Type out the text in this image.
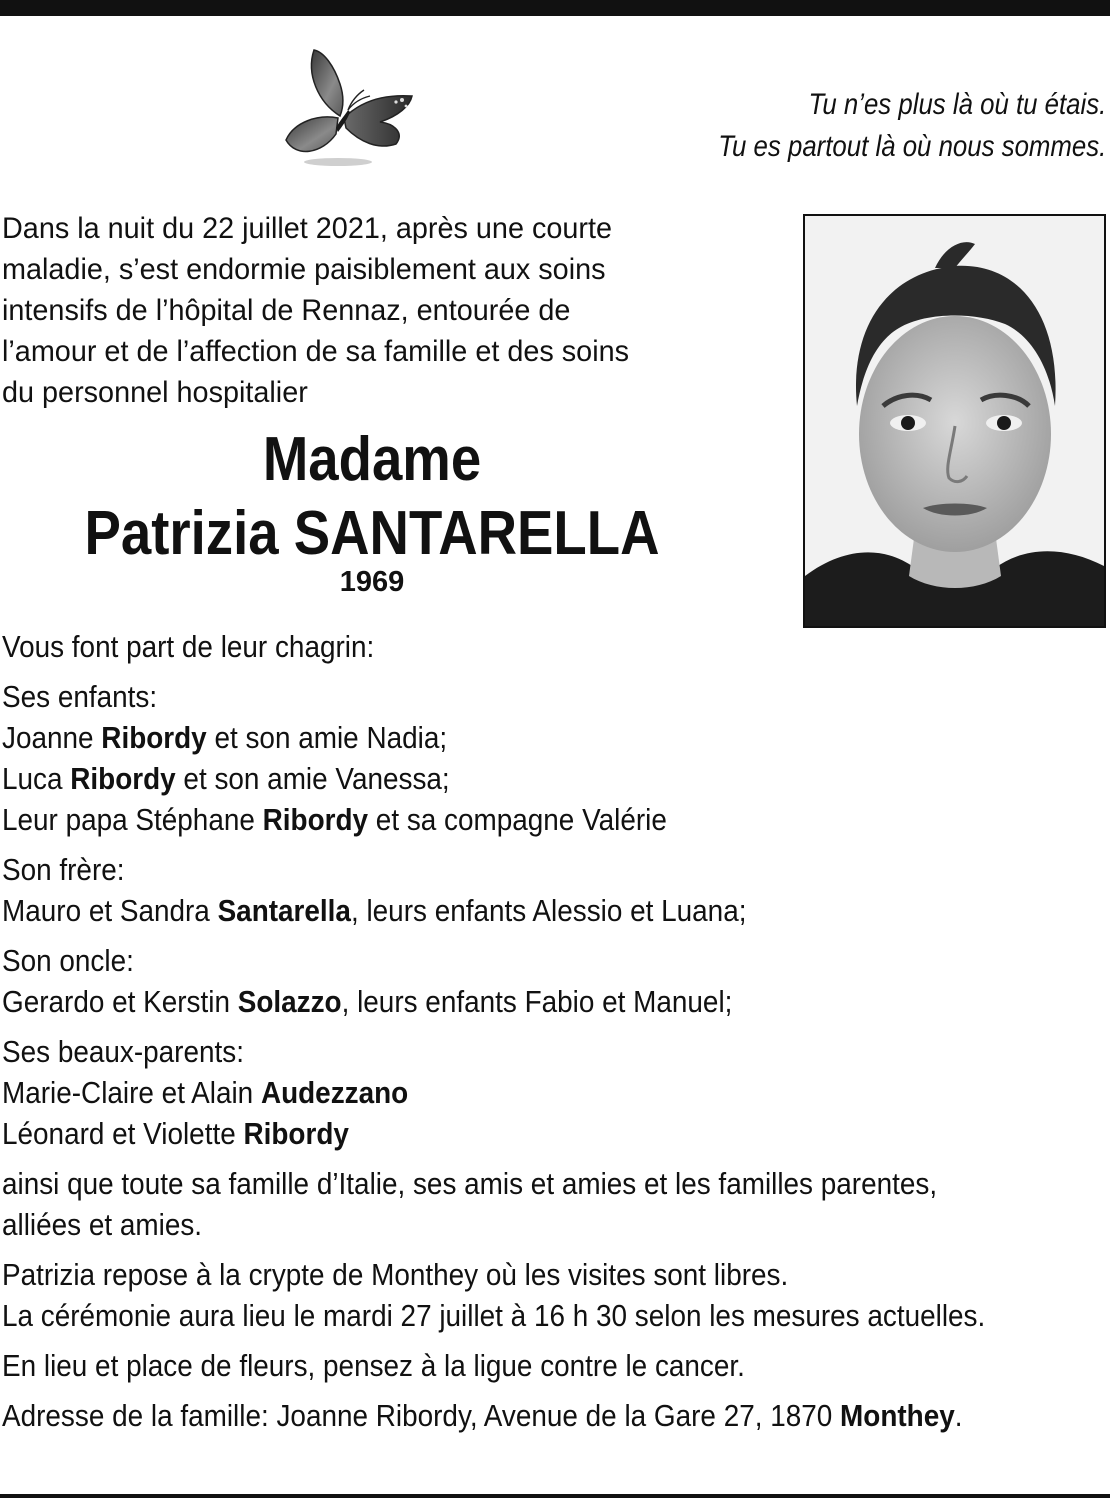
Tu n’es plus là où tu étais.
Tu es partout là où nous sommes.
Dans la nuit du 22 juillet 2021, après une courte
maladie, s’est endormie paisiblement aux soins
intensifs de l’hôpital de Rennaz, entourée de
l’amour et de l’affection de sa famille et des soins
du personnel hospitalier
Madame
Patrizia SANTARELLA
1969

Vous font part de leur chagrin:

Ses enfants:
Joanne Ribordy et son amie Nadia;
Luca Ribordy et son amie Vanessa;
Leur papa Stéphane Ribordy et sa compagne Valérie

Son frère:
Mauro et Sandra Santarella, leurs enfants Alessio et Luana;

Son oncle:
Gerardo et Kerstin Solazzo, leurs enfants Fabio et Manuel;

Ses beaux-parents:
Marie-Claire et Alain Audezzano
Léonard et Violette Ribordy

ainsi que toute sa famille d’Italie, ses amis et amies et les familles parentes,
alliées et amies.

Patrizia repose à la crypte de Monthey où les visites sont libres.
La cérémonie aura lieu le mardi 27 juillet à 16 h 30 selon les mesures actuelles.

En lieu et place de fleurs, pensez à la ligue contre le cancer.

Adresse de la famille: Joanne Ribordy, Avenue de la Gare 27, 1870 Monthey.
